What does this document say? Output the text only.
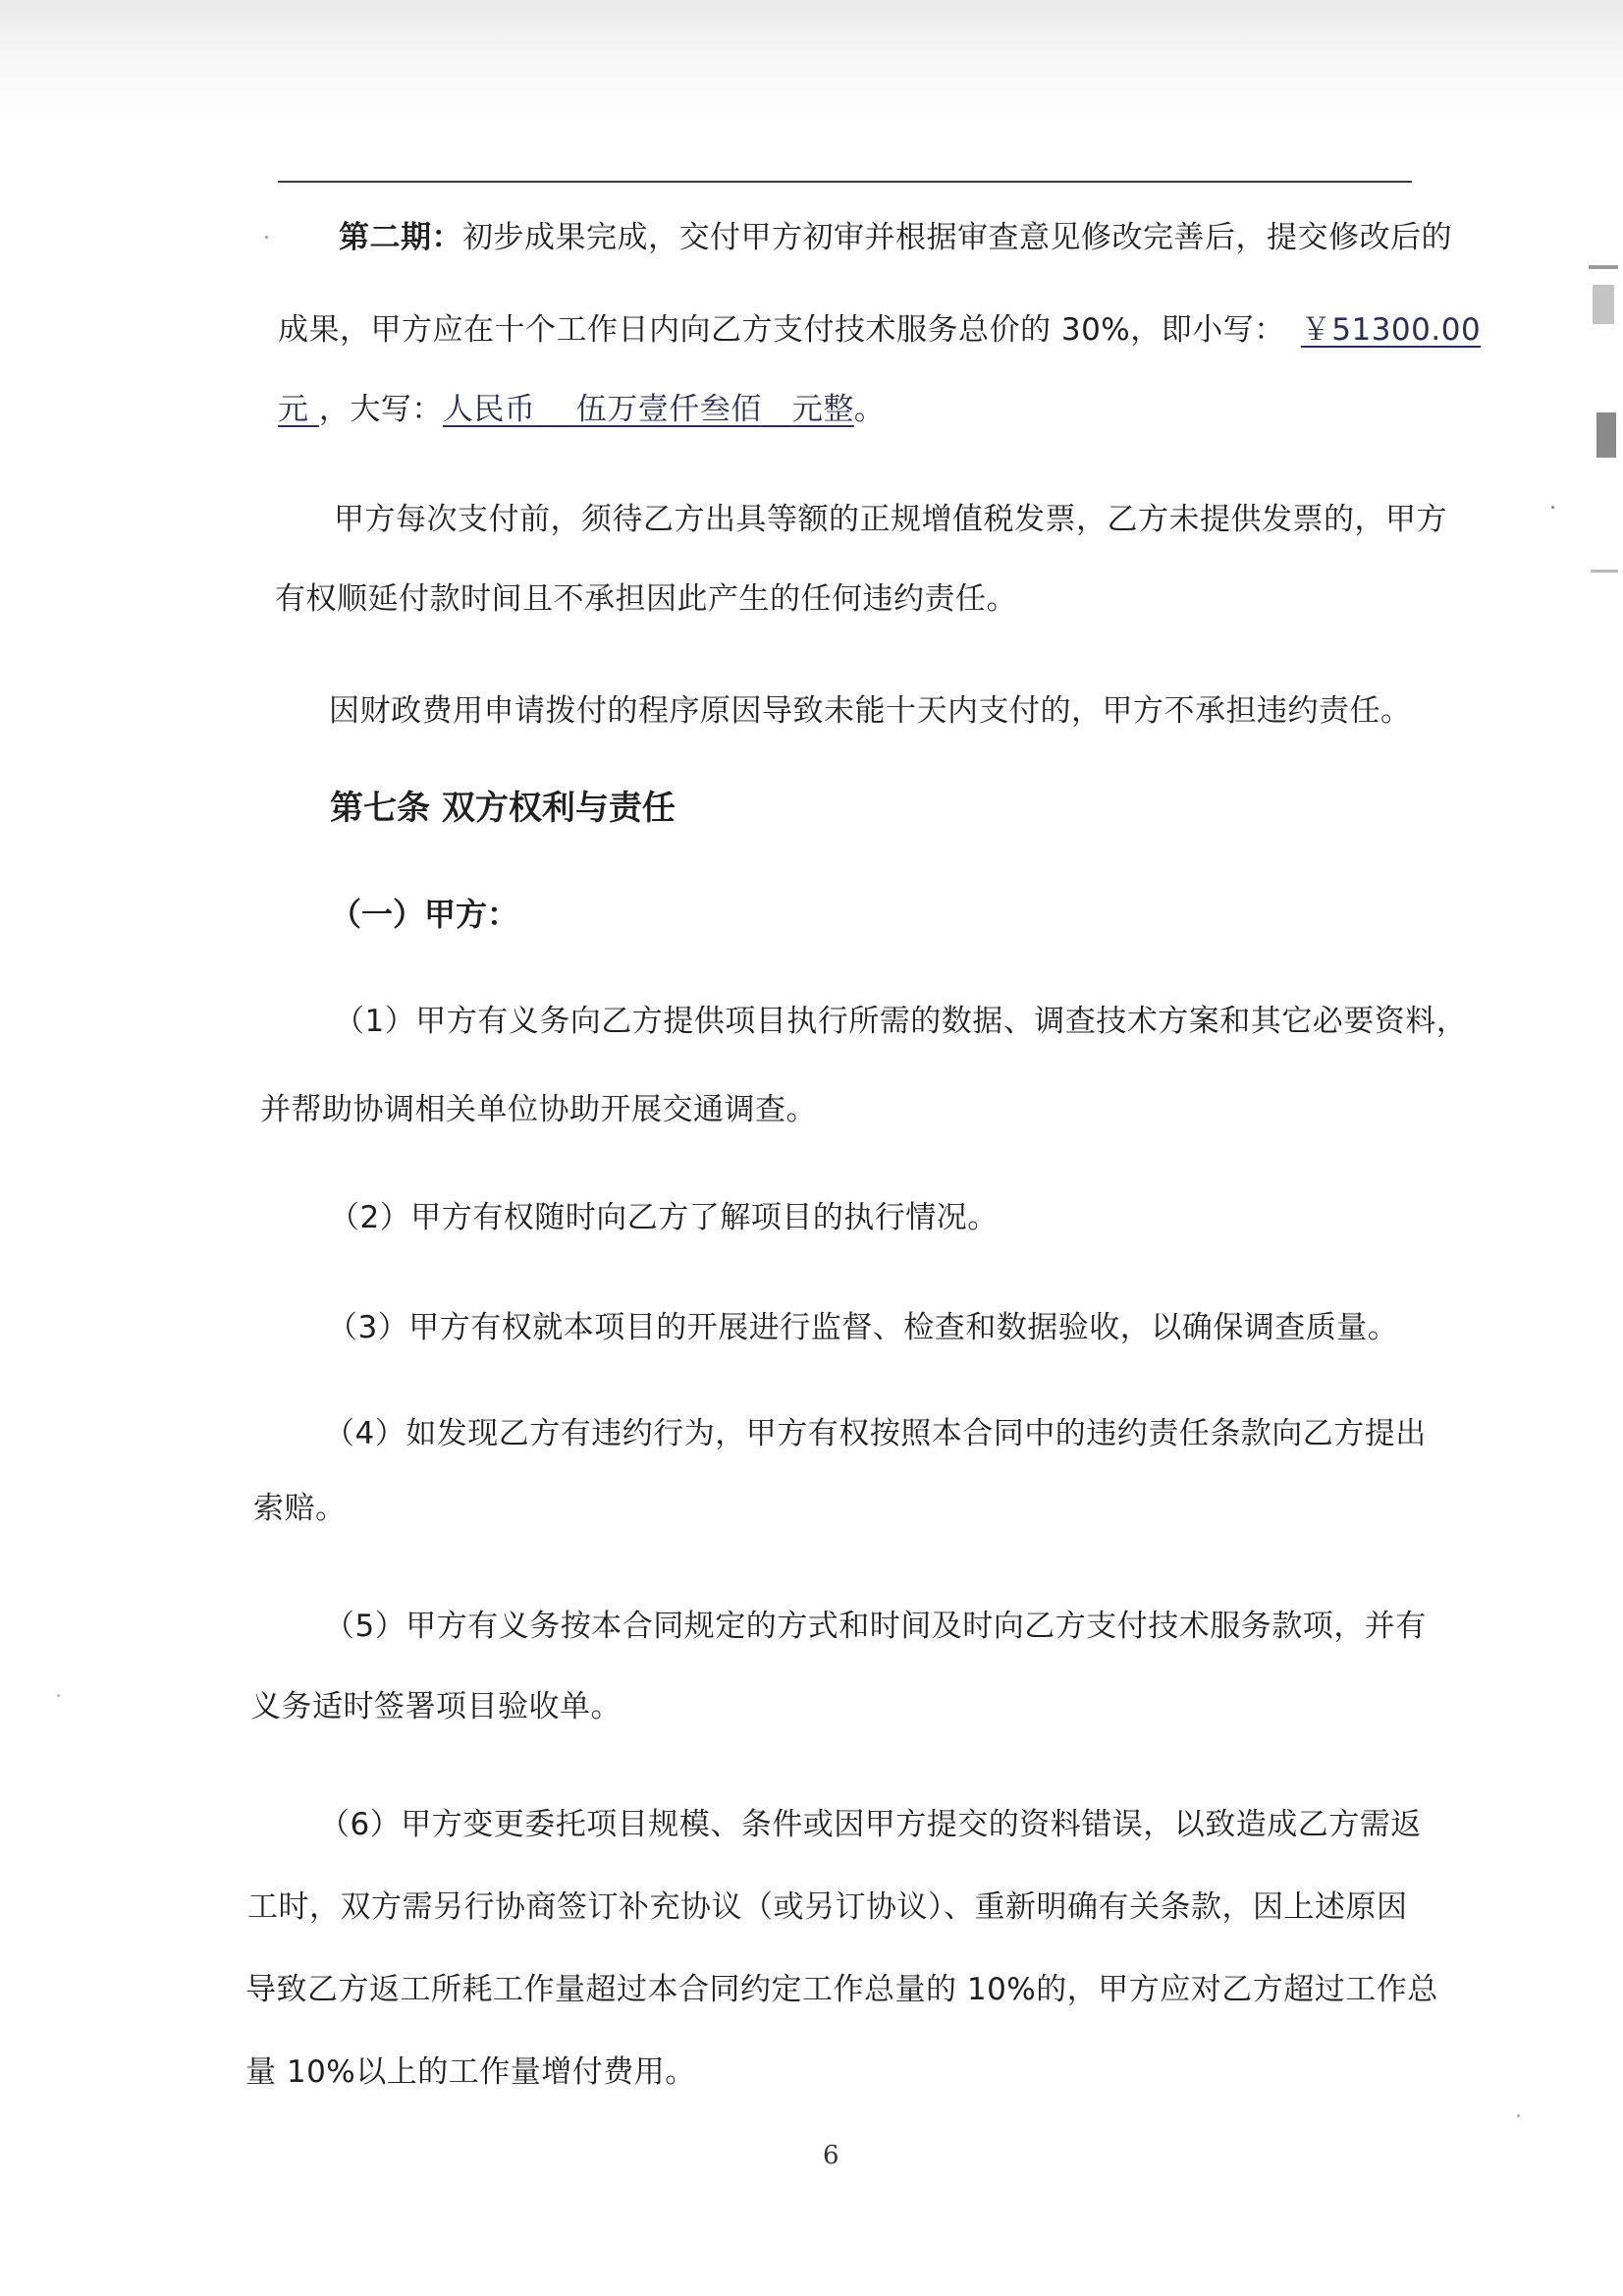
第二期：初步成果完成，交付甲方初审并根据审查意见修改完善后，提交修改后的
成果，甲方应在十个工作日内向乙方支付技术服务总价的 30%，即小写： ￥51300.00
元 ，大写：人民币 伍万壹仟叁佰 元整。
甲方每次支付前，须待乙方出具等额的正规增值税发票，乙方未提供发票的，甲方
有权顺延付款时间且不承担因此产生的任何违约责任。
因财政费用申请拨付的程序原因导致未能十天内支付的，甲方不承担违约责任。
第七条 双方权利与责任
（一）甲方：
（1）甲方有义务向乙方提供项目执行所需的数据、调查技术方案和其它必要资料，
并帮助协调相关单位协助开展交通调查。
（2）甲方有权随时向乙方了解项目的执行情况。
（3）甲方有权就本项目的开展进行监督、检查和数据验收，以确保调查质量。
（4）如发现乙方有违约行为，甲方有权按照本合同中的违约责任条款向乙方提出
索赔。
（5）甲方有义务按本合同规定的方式和时间及时向乙方支付技术服务款项，并有
义务适时签署项目验收单。
（6）甲方变更委托项目规模、条件或因甲方提交的资料错误，以致造成乙方需返
工时，双方需另行协商签订补充协议（或另订协议）、重新明确有关条款，因上述原因
导致乙方返工所耗工作量超过本合同约定工作总量的 10%的，甲方应对乙方超过工作总
量 10%以上的工作量增付费用。
6
